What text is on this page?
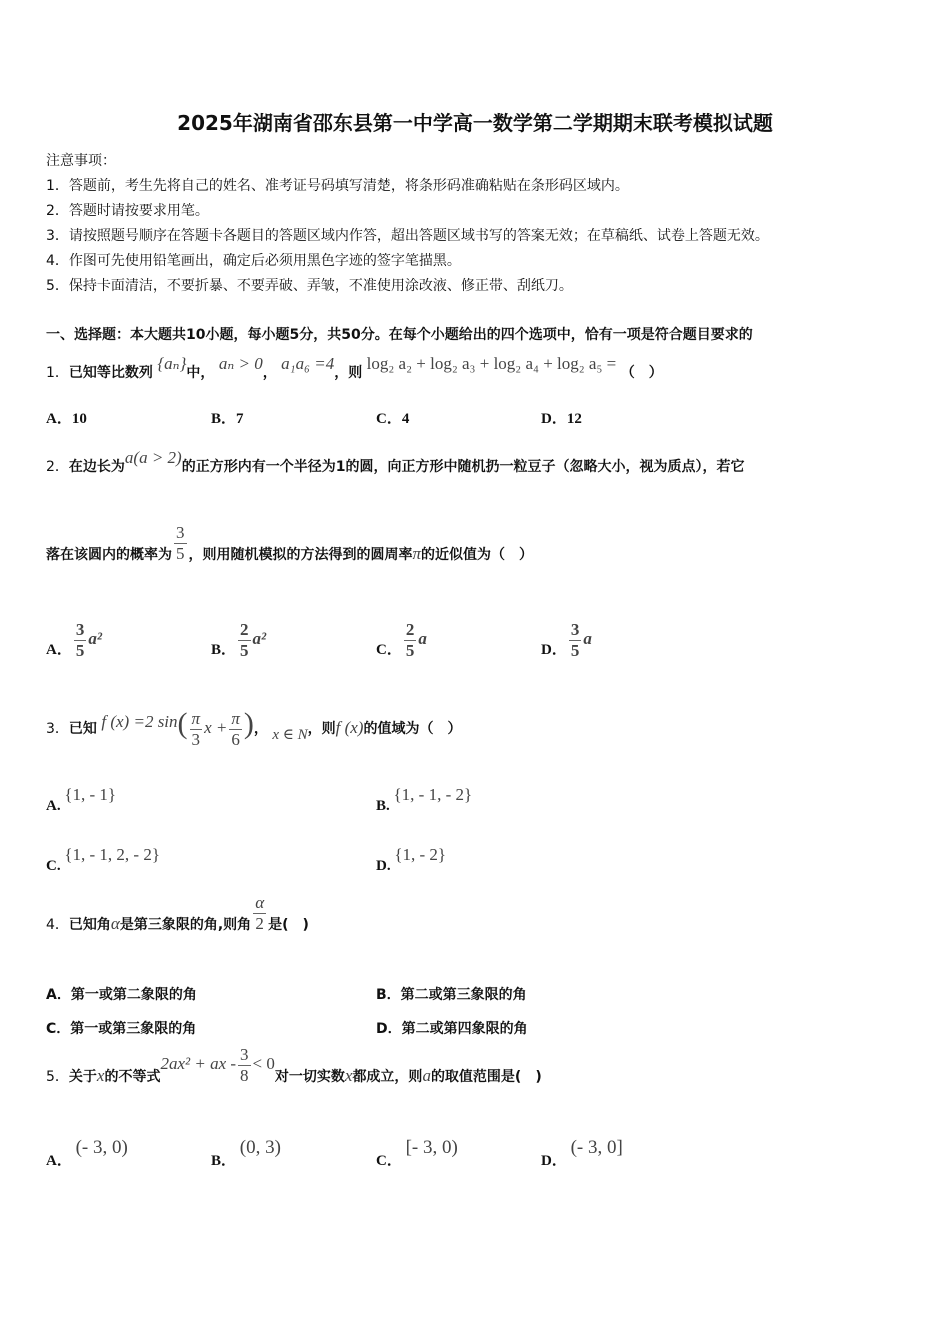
2025年湖南省邵东县第一中学高一数学第二学期期末联考模拟试题
注意事项：
1．答题前，考生先将自己的姓名、准考证号码填写清楚，将条形码准确粘贴在条形码区域内。
2．答题时请按要求用笔。
3．请按照题号顺序在答题卡各题目的答题区域内作答，超出答题区域书写的答案无效；在草稿纸、试卷上答题无效。
4．作图可先使用铅笔画出，确定后必须用黑色字迹的签字笔描黑。
5．保持卡面清洁，不要折暴、不要弄破、弄皱，不准使用涂改液、修正带、刮纸刀。
一、选择题：本大题共10小题，每小题5分，共50分。在每个小题给出的四个选项中，恰有一项是符合题目要求的
1．已知等比数列 {aₙ}中， aₙ > 0， a₁a₆ =4，则 log₂ a₂ + log₂ a₃ + log₂ a₄ + log₂ a₅ = （　）
A．10	B．7	C．4	D．12
2．在边长为a(a > 2)的正方形内有一个半径为1的圆，向正方形中随机扔一粒豆子（忽略大小，视为质点），若它
落在该圆内的概率为 $\frac{3}{5}$ ，则用随机模拟的方法得到的圆周率π的近似值为（　）
A． $\frac{3}{5} a^2$
B． $\frac{2}{5} a^2$
C． $\frac{2}{5}$ a
D． $\frac{3}{5}$ a
3．已知 f (x) =2 $\sin( \frac{\pi}{3}$ $x + \frac{\pi}{6}$ )， x ∈ N，则f (x)的值域为（　）
A. {1, - 1}
B. {1, - 1, - 2}
C. {1, - 1, 2, - 2}
D. {1, - 2}
4．已知角α是第三象限的角,则角 $\frac{\alpha}{2}$ 是(　)
A．第一或第二象限的角	B．第二或第三象限的角
C．第一或第三象限的角	D．第二或第四象限的角
5．关于x的不等式2ax² + ax - $\frac{3}{8} < 0$对一切实数x都成立，则a的取值范围是(　)
A． (- 3, 0)
B． (0, 3)
C． [- 3, 0)
D． (- 3, 0]
